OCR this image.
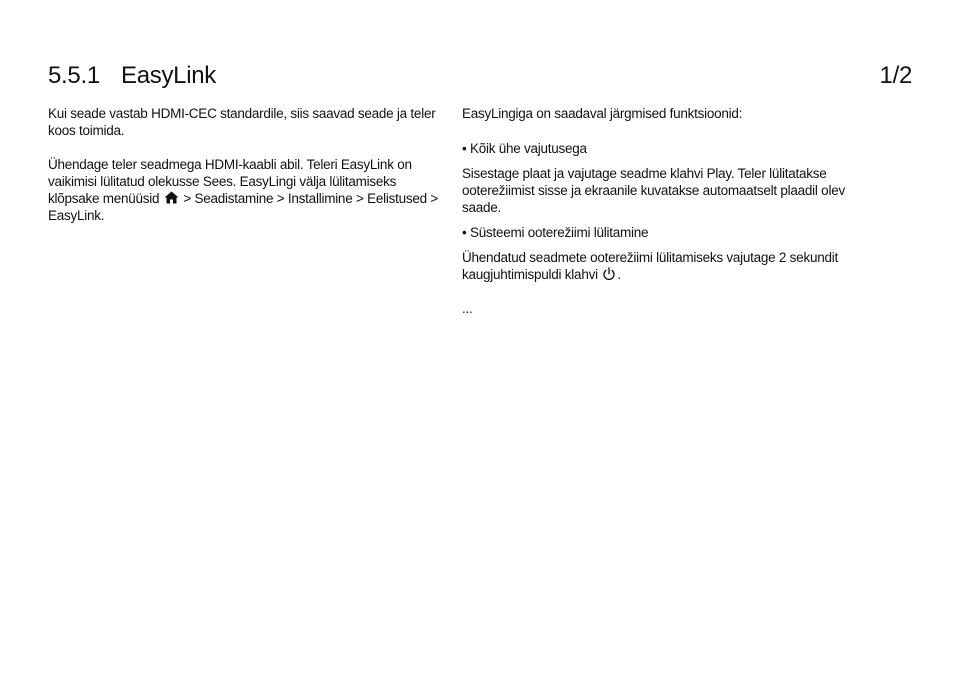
5.5.1 EasyLink	1/2

Kui seade vastab HDMI-CEC standardile, siis saavad seade ja teler koos toimida.

Ühendage teler seadmega HDMI-kaabli abil. Teleri EasyLink on vaikimisi lülitatud olekusse Sees. EasyLingi välja lülitamiseks klõpsake menüüsid > Seadistamine > Installimine > Eelistused > EasyLink.

EasyLingiga on saadaval järgmised funktsioonid:

• Kõik ühe vajutusega

Sisestage plaat ja vajutage seadme klahvi Play. Teler lülitatakse ooterežiimist sisse ja ekraanile kuvatakse automaatselt plaadil olev saade.

• Süsteemi ooterežiimi lülitamine

Ühendatud seadmete ooterežiimi lülitamiseks vajutage 2 sekundit kaugjuhtimispuldi klahvi .

...
